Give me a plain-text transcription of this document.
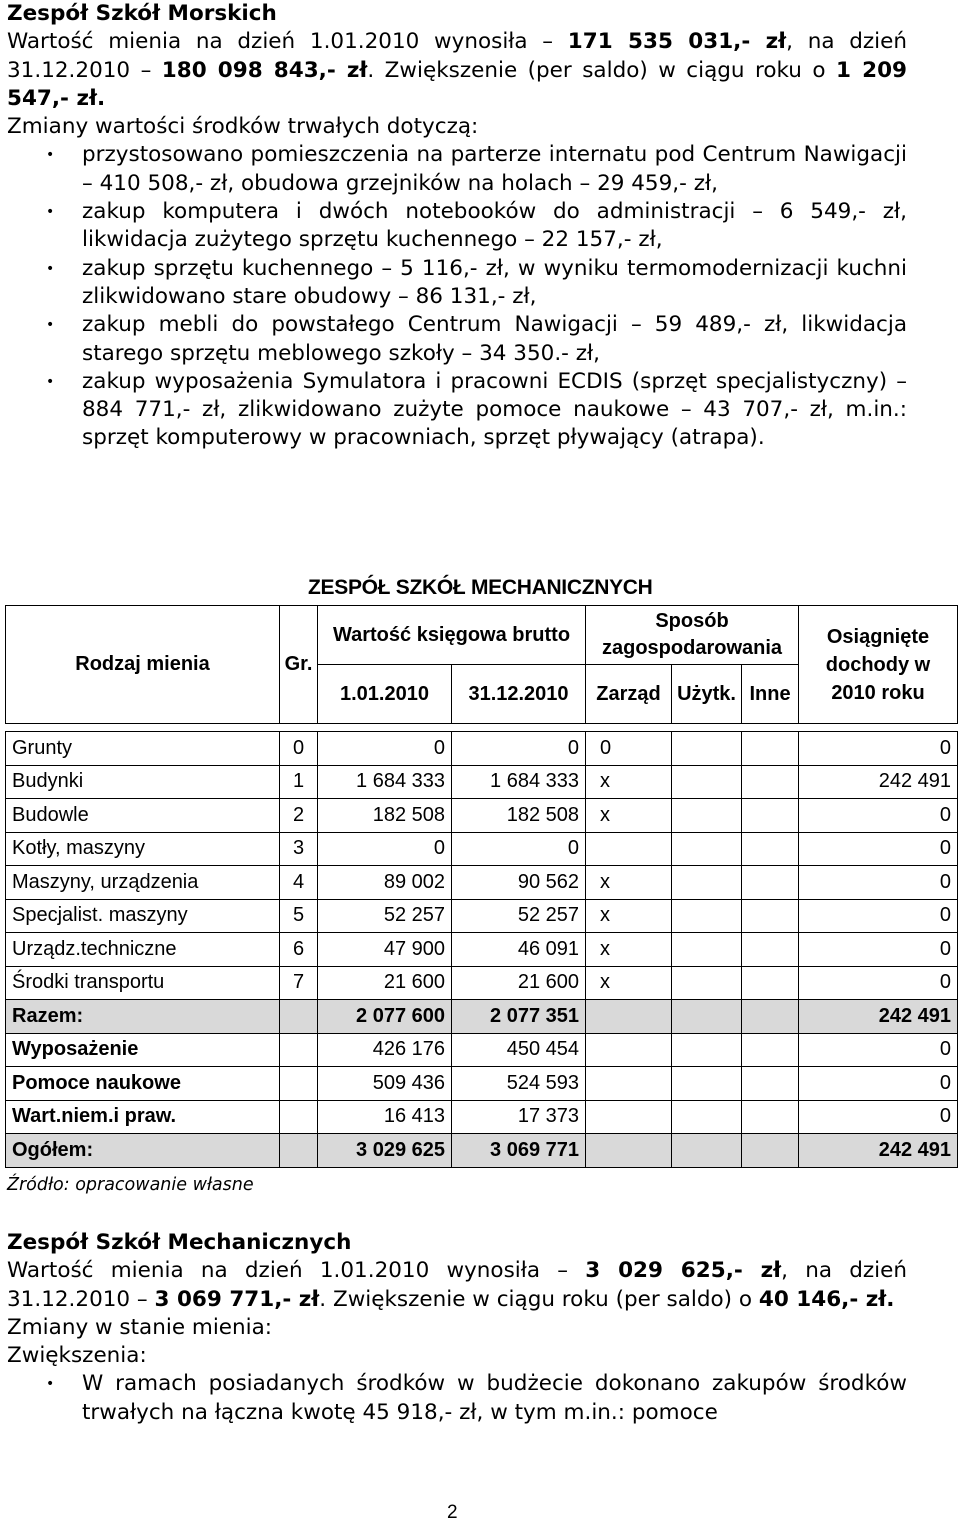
Zespół Szkół Morskich

Wartość mienia na dzień 1.01.2010 wynosiła – 171 535 031,- zł, na dzień 31.12.2010 – 180 098 843,- zł. Zwiększenie (per saldo) w ciągu roku o 1 209 547,- zł.

Zmiany wartości środków trwałych dotyczą:

•	przystosowano pomieszczenia na parterze internatu pod Centrum Nawigacji – 410 508,- zł, obudowa grzejników na holach – 29 459,- zł,
•	zakup komputera i dwóch notebooków do administracji – 6 549,- zł, likwidacja zużytego sprzętu kuchennego – 22 157,- zł,
•	zakup sprzętu kuchennego – 5 116,- zł, w wyniku termomodernizacji kuchni zlikwidowano stare obudowy – 86 131,- zł,
•	zakup mebli do powstałego Centrum Nawigacji – 59 489,- zł, likwidacja starego sprzętu meblowego szkoły – 34 350.- zł,
•	zakup wyposażenia Symulatora i pracowni ECDIS (sprzęt specjalistyczny) – 884 771,- zł, zlikwidowano zużyte pomoce naukowe – 43 707,- zł, m.in.: sprzęt komputerowy w pracowniach, sprzęt pływający (atrapa).
ZESPÓŁ SZKÓŁ MECHANICZNYCH
Rodzaj mienia	Gr.	Wartość księgowa brutto		Sposób zagospodarowania			Osiągnięte dochody w 2010 roku
		1.01.2010	31.12.2010	Zarząd	Użytk.	Inne	

Grunty	0	0	0	0			0
Budynki	1	1 684 333	1 684 333	x			242 491
Budowle	2	182 508	182 508	x			0
Kotły, maszyny	3	0	0				0
Maszyny, urządzenia	4	89 002	90 562	x			0
Specjalist. maszyny	5	52 257	52 257	x			0
Urządz.techniczne	6	47 900	46 091	x			0
Środki transportu	7	21 600	21 600	x			0
Razem:		2 077 600	2 077 351				242 491
Wyposażenie		426 176	450 454				0
Pomoce naukowe		509 436	524 593				0
Wart.niem.i praw.		16 413	17 373				0
Ogółem:		3 029 625	3 069 771				242 491
Źródło: opracowanie własne

Zespół Szkół Mechanicznych

Wartość mienia na dzień 1.01.2010 wynosiła – 3 029 625,- zł, na dzień 31.12.2010 – 3 069 771,- zł. Zwiększenie w ciągu roku (per saldo) o 40 146,- zł.

Zmiany w stanie mienia:

Zwiększenia:

•	W ramach posiadanych środków w budżecie dokonano zakupów środków trwałych na łączna kwotę 45 918,- zł, w tym m.in.: pomoce
2
